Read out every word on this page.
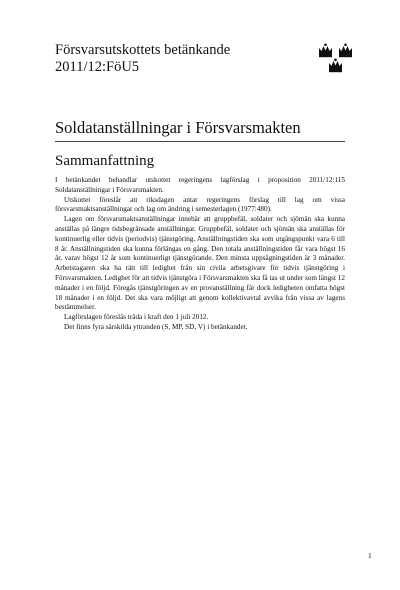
Försvarsutskottets betänkande
2011/12:FöU5
Soldatanställningar i Försvarsmakten
Sammanfattning

I betänkandet behandlar utskottet regeringens lagförslag i proposition 2011/12:115 Soldatanställningar i Försvarsmakten.

Utskottet föreslår att riksdagen antar regeringens förslag till lag om vissa försvarsmaktsanställningar och lag om ändring i semesterlagen (1977:480).

Lagen om försvarsmaktsanställningar innebär att gruppbefäl, soldater och sjömän ska kunna anställas på längre tidsbegränsade anställningar. Gruppbefäl, soldater och sjömän ska anställas för kontinuerlig eller tidvis (periodvis) tjänstgöring. Anställningstiden ska som utgångspunkt vara 6 till 8 år. Anställningstiden ska kunna förlängas en gång. Den totala anställningstiden får vara högst 16 år, varav högst 12 år som kontinuerligt tjänstgörande. Den minsta uppsägningstiden är 3 månader. Arbetstagaren ska ha rätt till ledighet från sin civila arbetsgivare för tidvis tjänstgöring i Försvarsmakten. Ledighet för att tidvis tjänstgöra i Försvarsmakten ska få tas ut under som längst 12 månader i en följd. Föregås tjänstgöringen av en provanställning får dock ledigheten omfatta högst 18 månader i en följd. Det ska vara möjligt att genom kollektivavtal avvika från vissa av lagens bestämmelser.

Lagförslagen föreslås träda i kraft den 1 juli 2012.

Det finns fyra särskilda yttranden (S, MP, SD, V) i betänkandet.

1
